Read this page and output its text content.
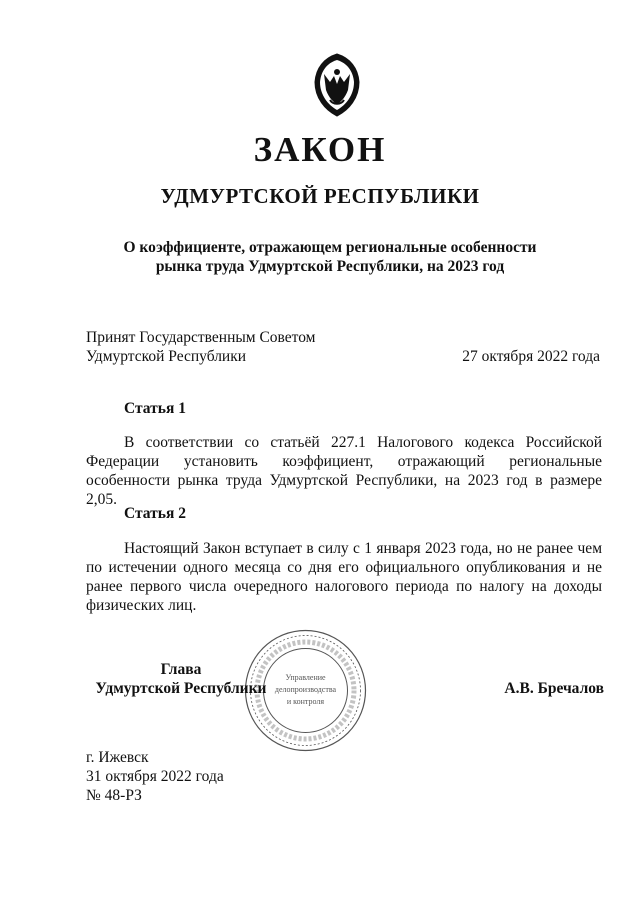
ЗАКОН
УДМУРТСКОЙ РЕСПУБЛИКИ
О коэффициенте, отражающем региональные особенности
рынка труда Удмуртской Республики, на 2023 год
Принят Государственным Советом
Удмуртской Республики	27 октября 2022 года
Статья 1
В соответствии со статьёй 227.1 Налогового кодекса Российской Федерации установить коэффициент, отражающий региональные особенности рынка труда Удмуртской Республики, на 2023 год в размере 2,05.
Статья 2
Настоящий Закон вступает в силу с 1 января 2023 года, но не ранее чем по истечении одного месяца со дня его официального опубликования и не ранее первого числа очередного налогового периода по налогу на доходы физических лиц.
Управление
делопроизводства
и контроля
Глава
Удмуртской Республики	А.В. Бречалов
г. Ижевск
31 октября 2022 года
№ 48-РЗ
